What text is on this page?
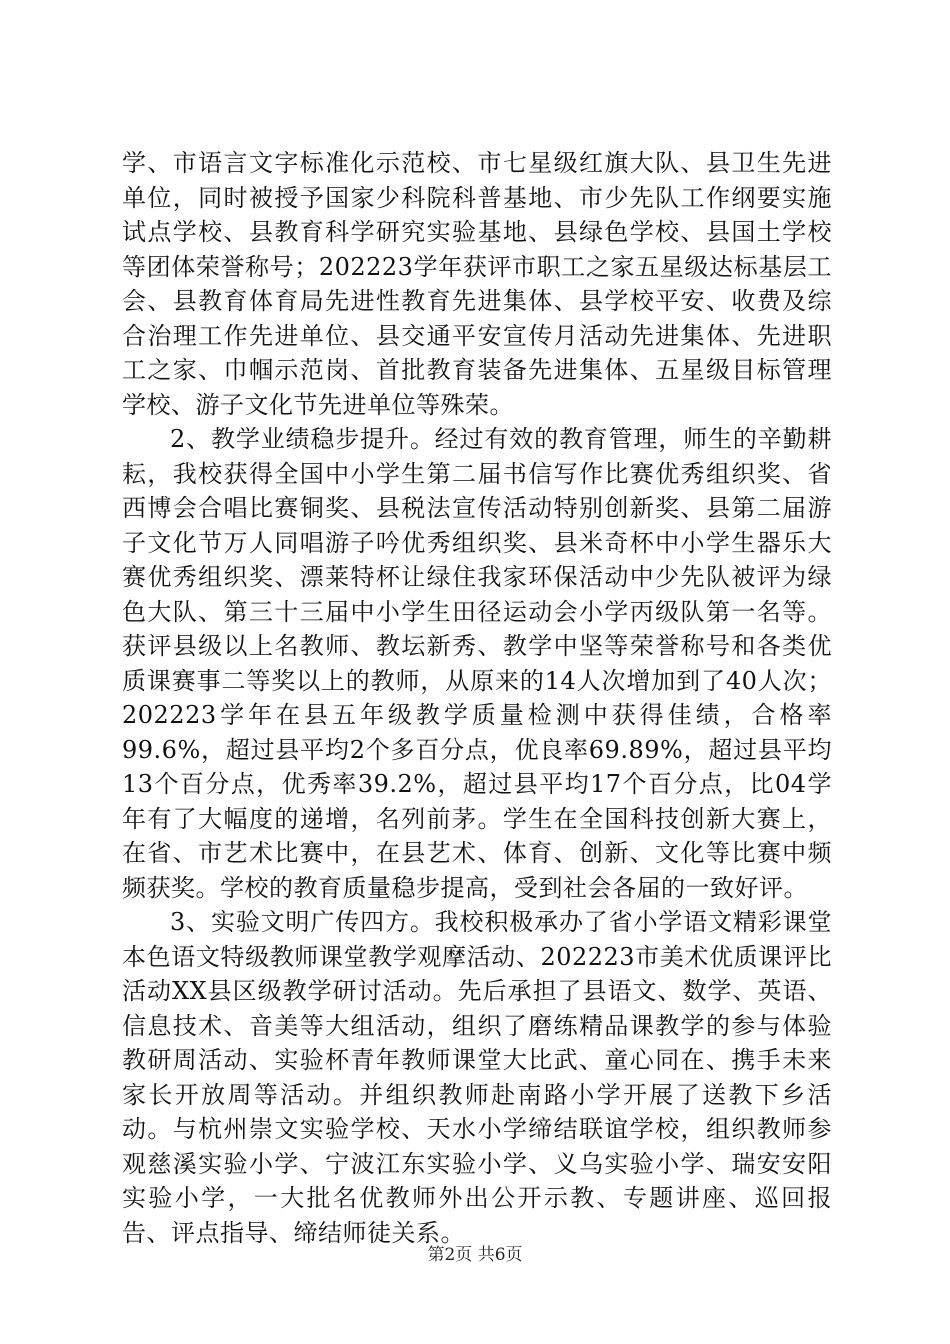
学、市语言文字标准化示范校、市七星级红旗大队、县卫生先进单位，同时被授予国家少科院科普基地、市少先队工作纲要实施试点学校、县教育科学研究实验基地、县绿色学校、县国土学校等团体荣誉称号；202223学年获评市职工之家五星级达标基层工会、县教育体育局先进性教育先进集体、县学校平安、收费及综合治理工作先进单位、县交通平安宣传月活动先进集体、先进职工之家、巾帼示范岗、首批教育装备先进集体、五星级目标管理学校、游子文化节先进单位等殊荣。

2、教学业绩稳步提升。经过有效的教育管理，师生的辛勤耕耘，我校获得全国中小学生第二届书信写作比赛优秀组织奖、省西博会合唱比赛铜奖、县税法宣传活动特别创新奖、县第二届游子文化节万人同唱游子吟优秀组织奖、县米奇杯中小学生器乐大赛优秀组织奖、漂莱特杯让绿住我家环保活动中少先队被评为绿色大队、第三十三届中小学生田径运动会小学丙级队第一名等。获评县级以上名教师、教坛新秀、教学中坚等荣誉称号和各类优质课赛事二等奖以上的教师，从原来的14人次增加到了40人次；202223学年在县五年级教学质量检测中获得佳绩，合格率99.6%，超过县平均2个多百分点，优良率69.89%，超过县平均13个百分点，优秀率39.2%，超过县平均17个百分点，比04学年有了大幅度的递增，名列前茅。学生在全国科技创新大赛上，在省、市艺术比赛中，在县艺术、体育、创新、文化等比赛中频频获奖。学校的教育质量稳步提高，受到社会各届的一致好评。

3、实验文明广传四方。我校积极承办了省小学语文精彩课堂本色语文特级教师课堂教学观摩活动、202223市美术优质课评比活动XX县区级教学研讨活动。先后承担了县语文、数学、英语、信息技术、音美等大组活动，组织了磨练精品课教学的参与体验教研周活动、实验杯青年教师课堂大比武、童心同在、携手未来家长开放周等活动。并组织教师赴南路小学开展了送教下乡活动。与杭州崇文实验学校、天水小学缔结联谊学校，组织教师参观慈溪实验小学、宁波江东实验小学、义乌实验小学、瑞安安阳实验小学，一大批名优教师外出公开示教、专题讲座、巡回报告、评点指导、缔结师徒关系。

第2页 共6页
